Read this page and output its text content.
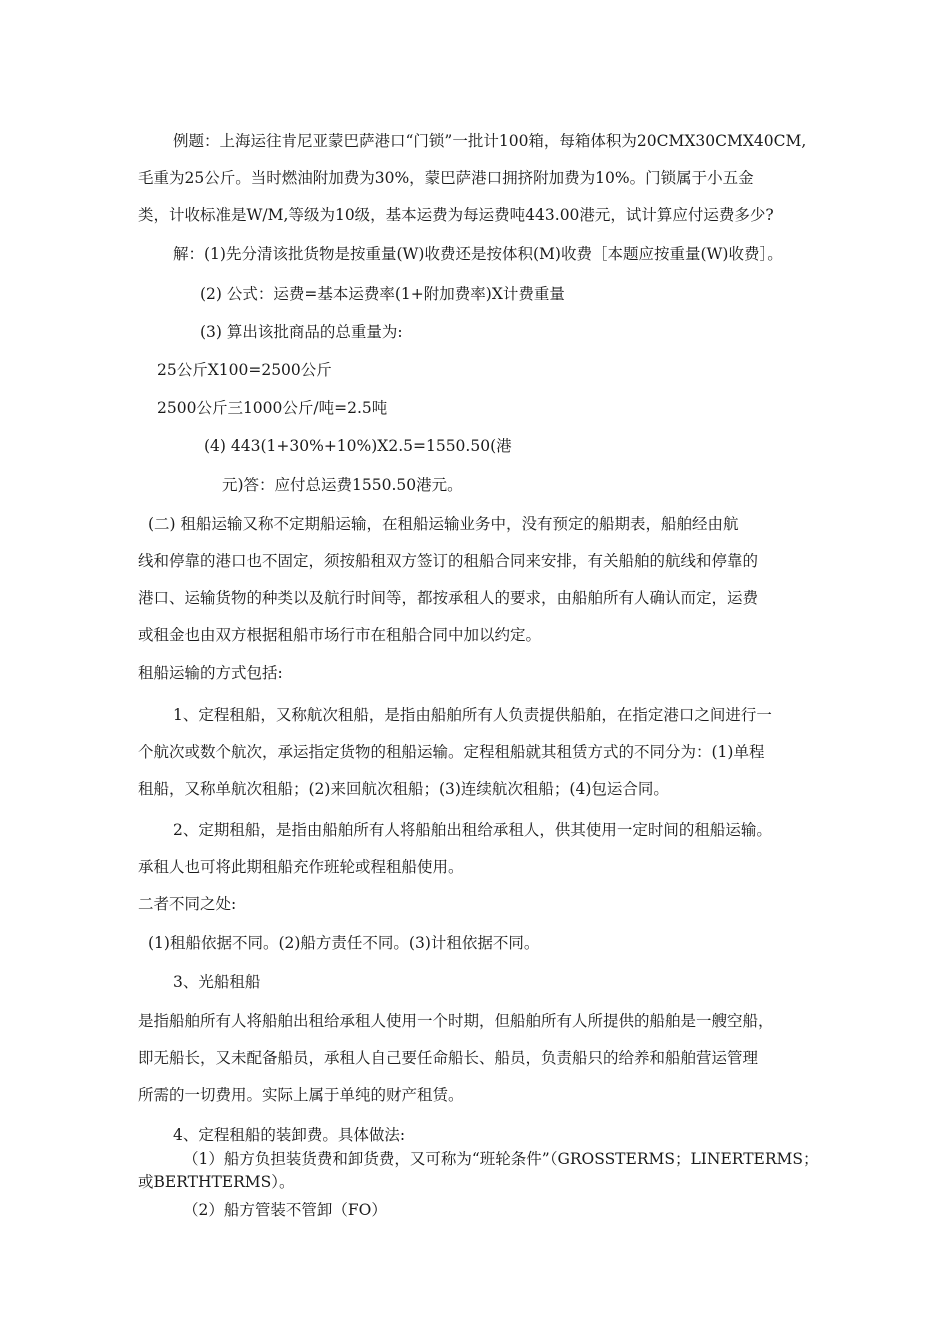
例题：上海运往肯尼亚蒙巴萨港口“门锁”一批计100箱，每箱体积为20CMX30CMX40CM,
毛重为25公斤。当时燃油附加费为30%，蒙巴萨港口拥挤附加费为10%。门锁属于小五金
类，计收标准是W/M,等级为10级，基本运费为每运费吨443.00港元，试计算应付运费多少?
解：(1)先分清该批货物是按重量(W)收费还是按体积(M)收费［本题应按重量(W)收费］。
(2) 公式：运费=基本运费率(1+附加费率)X计费重量
(3) 算出该批商品的总重量为:
25公斤X100=2500公斤
2500公斤三1000公斤/吨=2.5吨
(4) 443(1+30%+10%)X2.5=1550.50(港
元)答：应付总运费1550.50港元。
(二) 租船运输又称不定期船运输，在租船运输业务中，没有预定的船期表，船舶经由航
线和停靠的港口也不固定，须按船租双方签订的租船合同来安排，有关船舶的航线和停靠的
港口、运输货物的种类以及航行时间等，都按承租人的要求，由船舶所有人确认而定，运费
或租金也由双方根据租船市场行市在租船合同中加以约定。
租船运输的方式包括:
1、定程租船，又称航次租船，是指由船舶所有人负责提供船舶，在指定港口之间进行一
个航次或数个航次，承运指定货物的租船运输。定程租船就其租赁方式的不同分为：(1)单程
租船，又称单航次租船；(2)来回航次租船；(3)连续航次租船；(4)包运合同。
2、定期租船，是指由船舶所有人将船舶出租给承租人，供其使用一定时间的租船运输。
承租人也可将此期租船充作班轮或程租船使用。
二者不同之处:
(1)租船依据不同。(2)船方责任不同。(3)计租依据不同。
3、光船租船
是指船舶所有人将船舶出租给承租人使用一个时期，但船舶所有人所提供的船舶是一艘空船，
即无船长，又未配备船员，承租人自己要任命船长、船员，负责船只的给养和船舶营运管理
所需的一切费用。实际上属于单纯的财产租赁。
4、定程租船的装卸费。具体做法:
（1）船方负担装货费和卸货费，又可称为“班轮条件”（GROSSTERMS；LINERTERMS；
或BERTHTERMS）。
（2）船方管装不管卸（FO）
